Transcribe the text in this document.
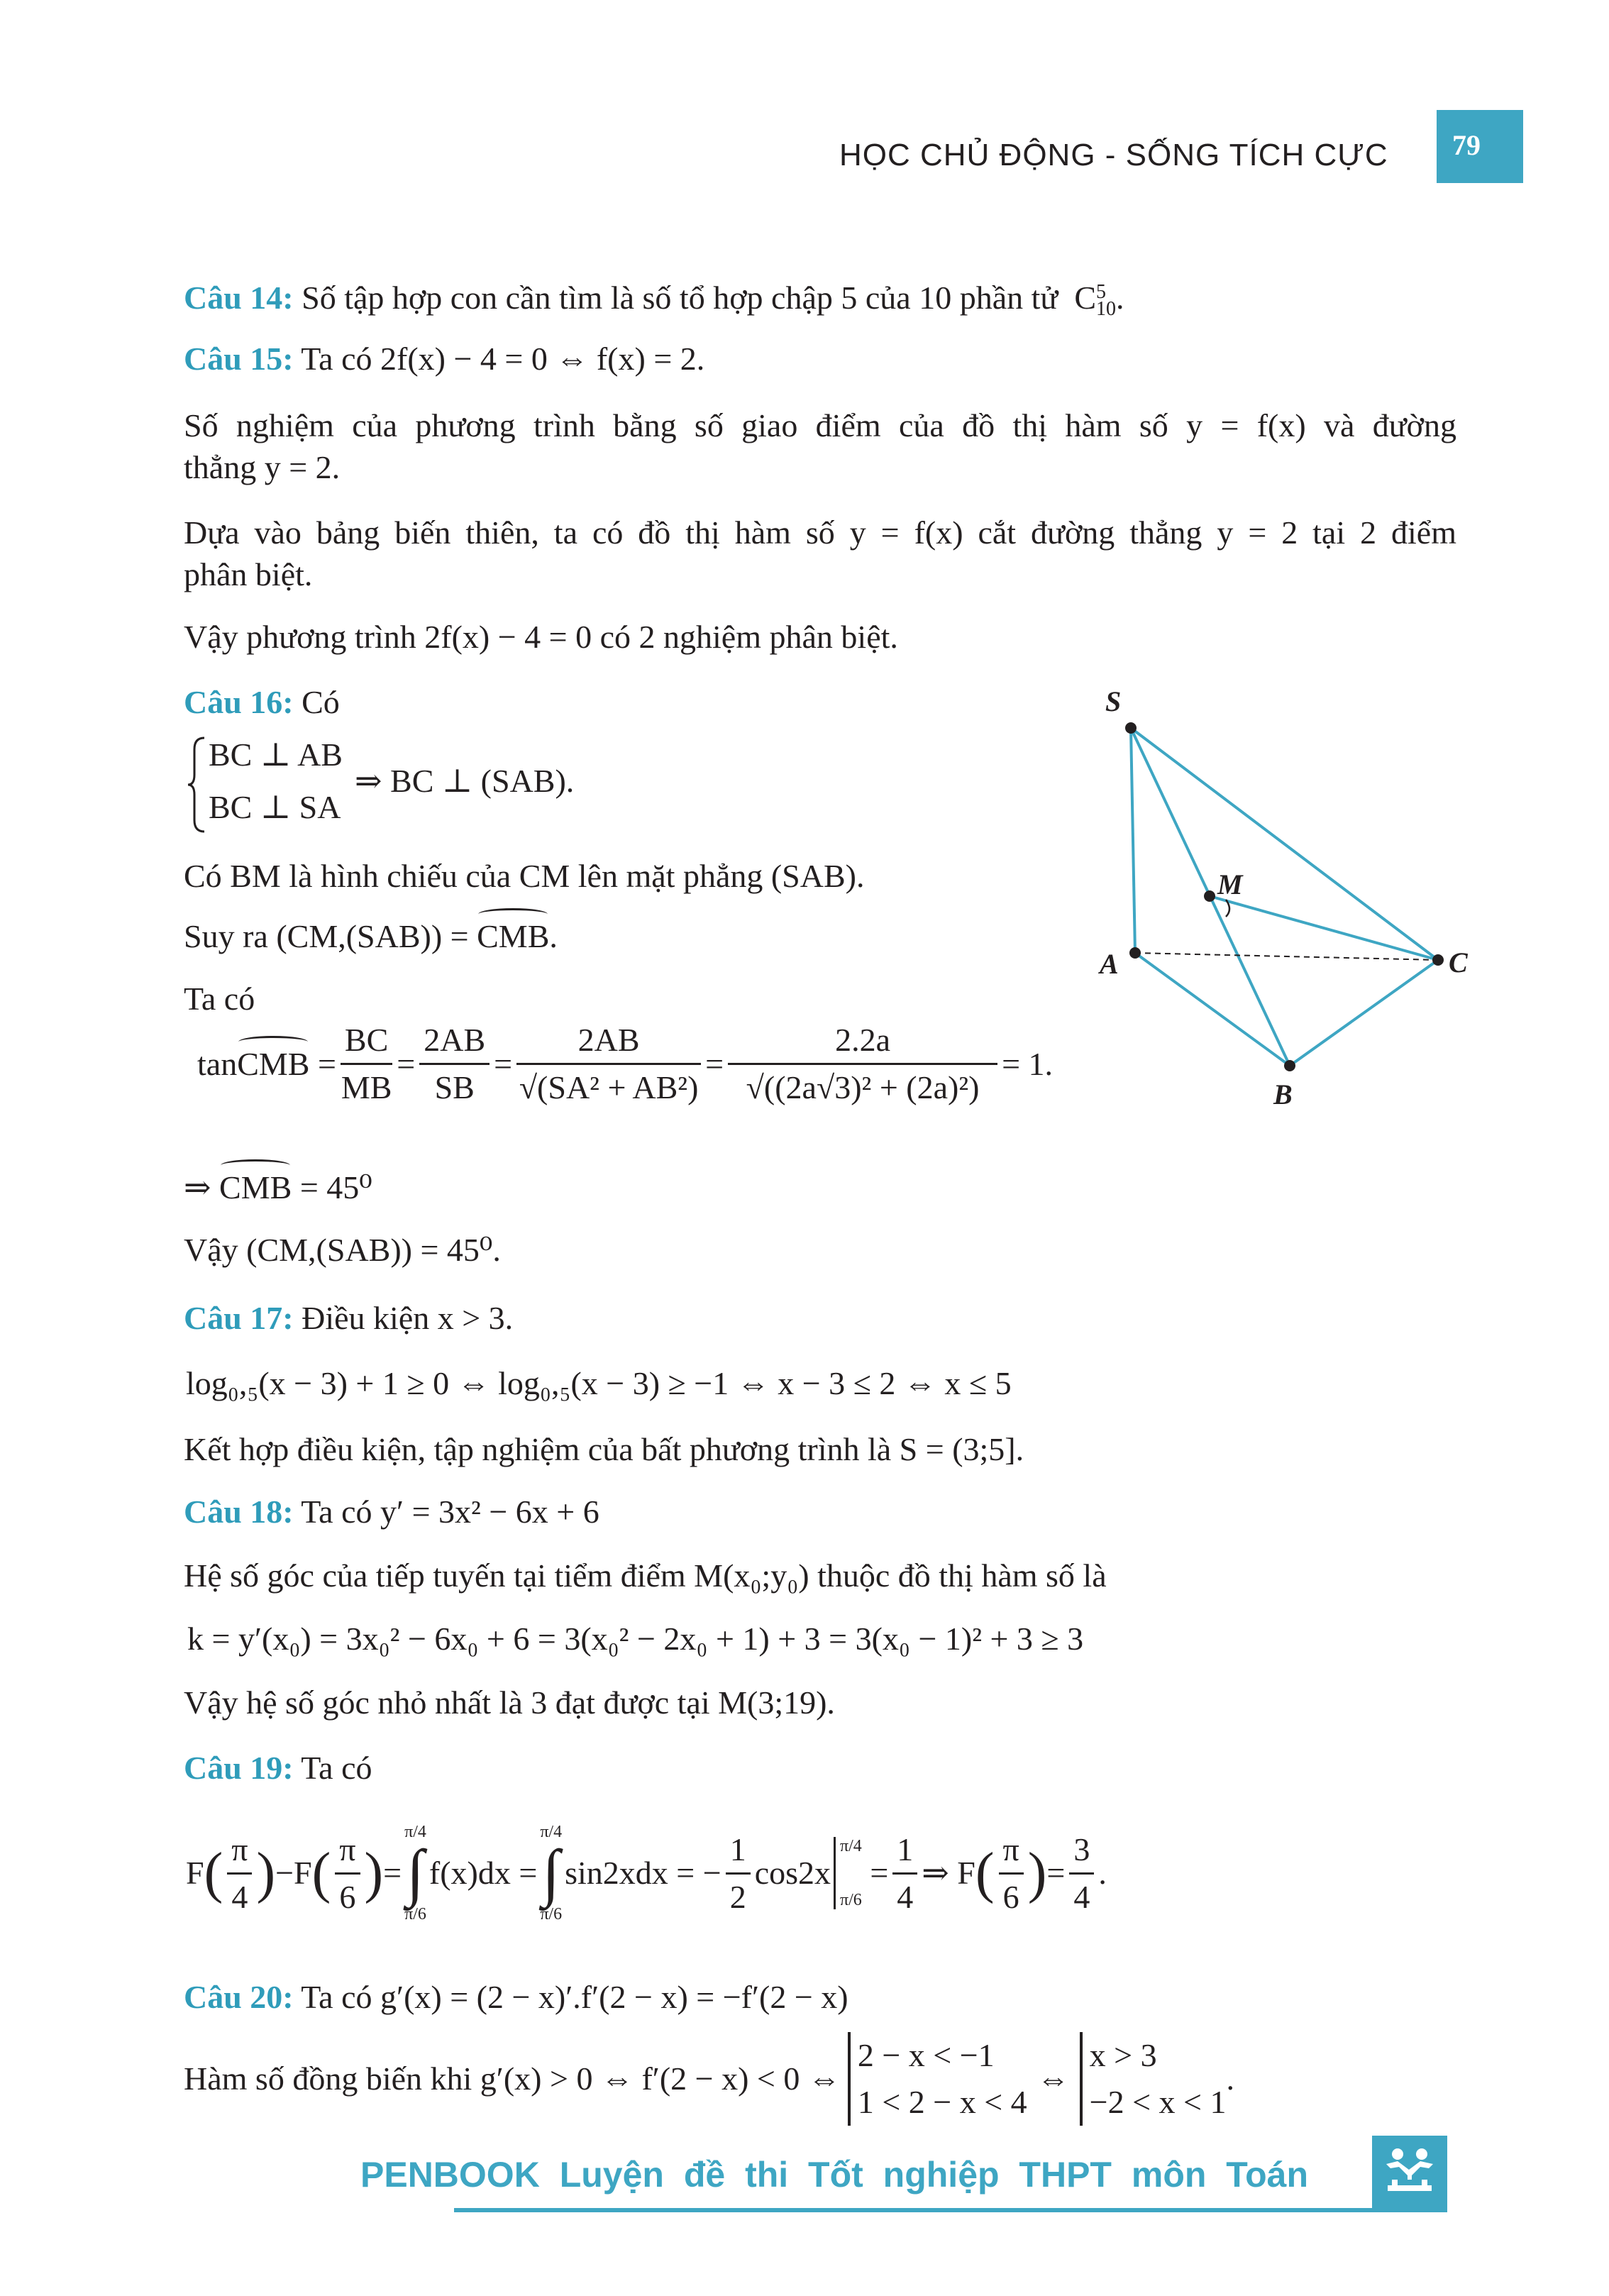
HỌC CHỦ ĐỘNG - SỐNG TÍCH CỰC 79
Câu 14: Số tập hợp con cần tìm là số tổ hợp chập 5 của 10 phần tử C 5
10 .
Câu 15: Ta có 2f(x) − 4 = 0 ⇔ f(x) = 2.
Số nghiệm của phương trình bằng số giao điểm của đồ thị hàm số y = f(x) và đường
thẳng y = 2.
Dựa vào bảng biến thiên, ta có đồ thị hàm số y = f(x) cắt đường thẳng y = 2 tại 2 điểm
phân biệt.
Vậy phương trình 2f(x) − 4 = 0 có 2 nghiệm phân biệt.
Câu 16: Có
BC ⊥ AB
BC ⊥ SA
⇒ BC ⊥ (SAB).
Có BM là hình chiếu của CM lên mặt phẳng (SAB).
Suy ra (CM,(SAB)) = CMB.
Ta có
tan CMB = $\frac{BC}{MB} = \frac{2AB}{SB} = \frac{2AB}{\text{√(SA² + AB²)}} = \frac{2.2a}{\text{√((2a√3)² + (2a)²)}} = 1$.
⇒ CMB = 45⁰
Vậy (CM,(SAB)) = 45⁰.
S
M
A	C
B
Câu 17: Điều kiện x > 3.
log₀,₅(x − 3) + 1 ≥ 0 ⇔ log₀,₅(x − 3) ≥ −1 ⇔ x − 3 ≤ 2 ⇔ x ≤ 5
Kết hợp điều kiện, tập nghiệm của bất phương trình là S = (3;5].
Câu 18: Ta có y′ = 3x² − 6x + 6
Hệ số góc của tiếp tuyến tại tiểm điểm M(x₀;y₀) thuộc đồ thị hàm số là
k = y′(x₀) = 3x₀² − 6x₀ + 6 = 3(x₀² − 2x₀ + 1) + 3 = 3(x₀ − 1)² + 3 ≥ 3
Vậy hệ số góc nhỏ nhất là 3 đạt được tại M(3;19).
Câu 19: Ta có
F ( $\frac{\pi}{4}$ ) −F ( $\frac{\pi}{6}$ ) =
π/4
∫
π/6
f(x)dx =
π/4
∫
π/6
sin2xdx = − $\frac{1}{2} \cos 2x$
π/4
π/6

= $\frac{1}{4}$ ⇒ F ( $\frac{\pi}{6}$ ) = $\frac{3}{4}$ .
Câu 20: Ta có g′(x) = (2 − x)′.f′(2 − x) = −f′(2 − x)
Hàm số đồng biến khi g′(x) > 0 ⇔ f′(2 − x) < 0 ⇔
2 − x < −1
1 < 2 − x < 4
⇔
x > 3
−2 < x < 1
.
PENBOOK Luyện đề thi Tốt nghiệp THPT môn Toán
